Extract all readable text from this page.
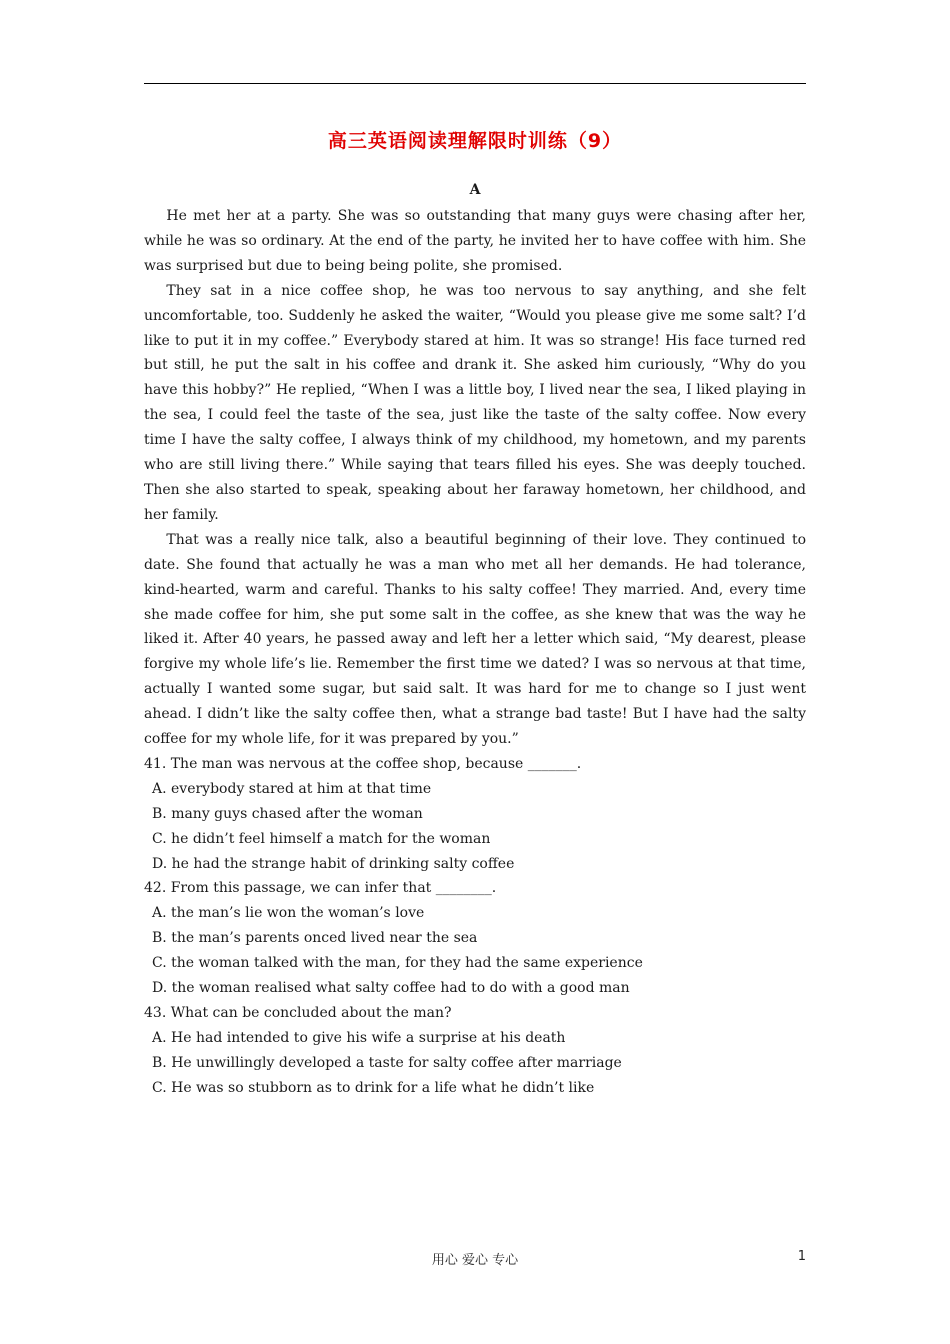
高三英语阅读理解限时训练（9）
A

He met her at a party. She was so outstanding that many guys were chasing after her, while he was so ordinary. At the end of the party, he invited her to have coffee with him. She was surprised but due to being being polite, she promised.

They sat in a nice coffee shop, he was too nervous to say anything, and she felt uncomfortable, too. Suddenly he asked the waiter, “Would you please give me some salt? I’d like to put it in my coffee.” Everybody stared at him. It was so strange! His face turned red but still, he put the salt in his coffee and drank it. She asked him curiously, “Why do you have this hobby?” He replied, “When I was a little boy, I lived near the sea, I liked playing in the sea, I could feel the taste of the sea, just like the taste of the salty coffee. Now every time I have the salty coffee, I always think of my childhood, my hometown, and my parents who are still living there.” While saying that tears filled his eyes. She was deeply touched. Then she also started to speak, speaking about her faraway hometown, her childhood, and her family.

That was a really nice talk, also a beautiful beginning of their love. They continued to date. She found that actually he was a man who met all her demands. He had tolerance, kind-hearted, warm and careful. Thanks to his salty coffee! They married. And, every time she made coffee for him, she put some salt in the coffee, as she knew that was the way he liked it. After 40 years, he passed away and left her a letter which said, “My dearest, please forgive my whole life’s lie. Remember the first time we dated? I was so nervous at that time, actually I wanted some sugar, but said salt. It was hard for me to change so I just went ahead. I didn’t like the salty coffee then, what a strange bad taste! But I have had the salty coffee for my whole life, for it was prepared by you.”

41. The man was nervous at the coffee shop, because _______.

A. everybody stared at him at that time

B. many guys chased after the woman

C. he didn’t feel himself a match for the woman

D. he had the strange habit of drinking salty coffee

42. From this passage, we can infer that ________.

A. the man’s lie won the woman’s love

B. the man’s parents onced lived near the sea

C. the woman talked with the man, for they had the same experience

D. the woman realised what salty coffee had to do with a good man

43. What can be concluded about the man?

A. He had intended to give his wife a surprise at his death

B. He unwillingly developed a taste for salty coffee after marriage

C. He was so stubborn as to drink for a life what he didn’t like

用心 爱心 专心	1
